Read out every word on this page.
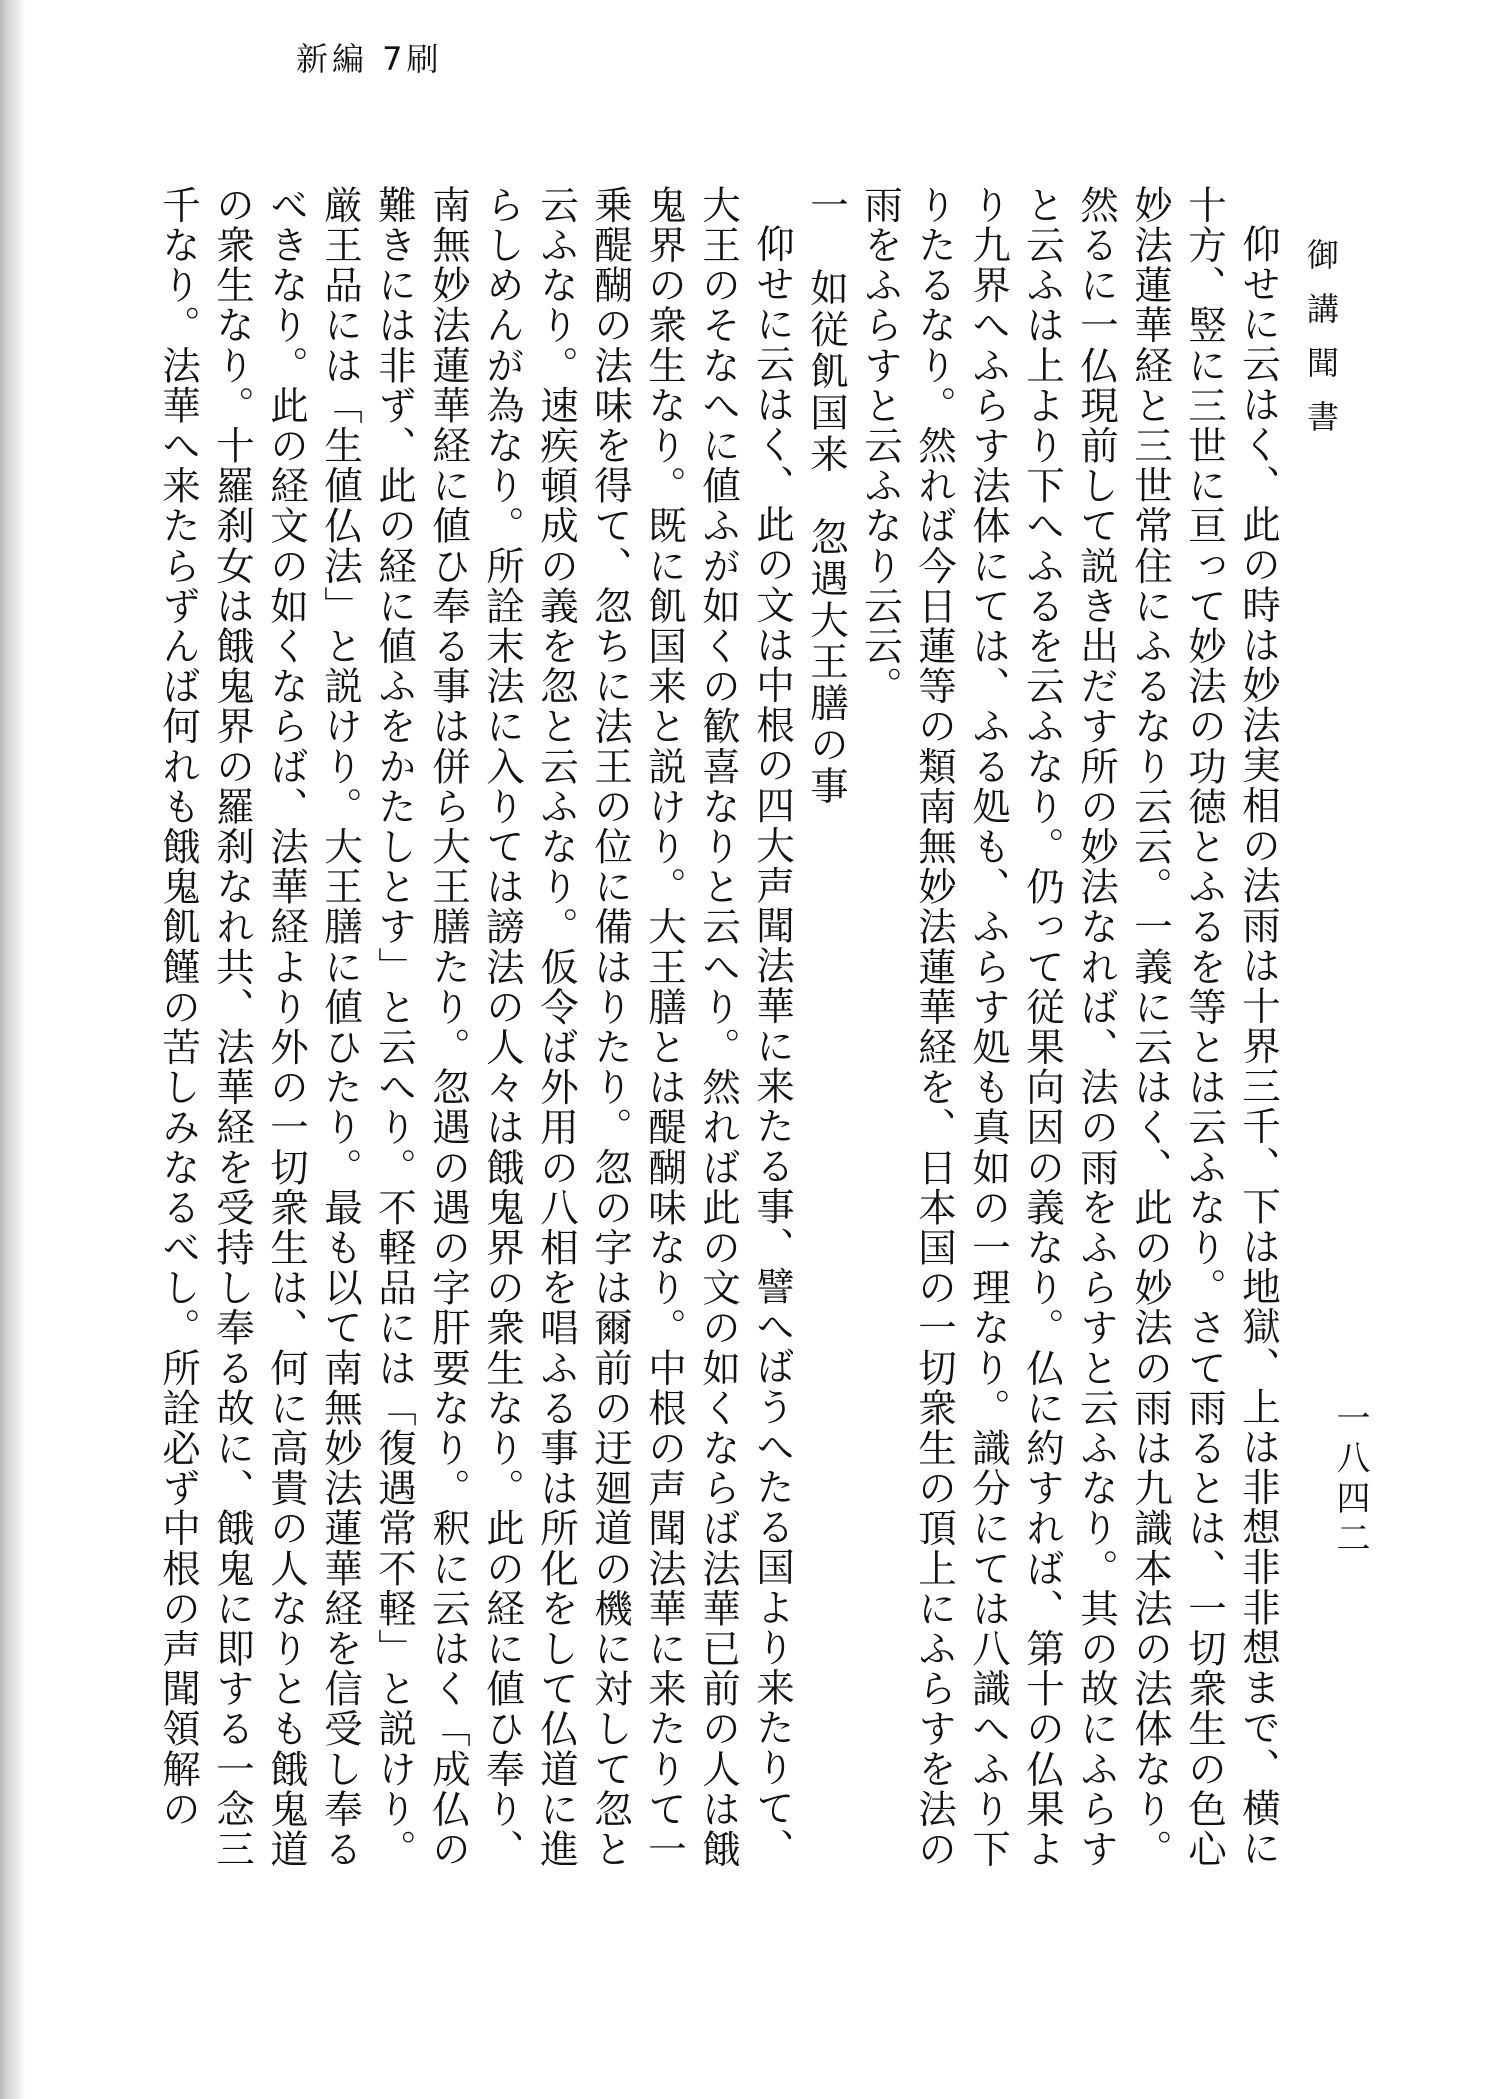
新編 7刷
御講聞書
一八四二

仰せに云はく、此の時は妙法実相の法雨は十界三千、下は地獄、上は非想非非想まで、横に十方、竪に三世に亘って妙法の功徳とふるを等とは云ふなり。さて雨るとは、一切衆生の色心妙法蓮華経と三世常住にふるなり云云。一義に云はく、此の妙法の雨は九識本法の法体なり。然るに一仏現前して説き出だす所の妙法なれば、法の雨をふらすと云ふなり。其の故にふらすと云ふは上より下へふるを云ふなり。仍って従果向因の義なり。仏に約すれば、第十の仏果より九界へふらす法体にては、ふる処も、ふらす処も真如の一理なり。識分にては八識へふり下りたるなり。然れば今日蓮等の類南無妙法蓮華経を、日本国の一切衆生の頂上にふらすを法の雨をふらすと云ふなり云云。

一　如従飢国来　忽遇大王膳の事

仰せに云はく、此の文は中根の四大声聞法華に来たる事、譬へばうへたる国より来たりて、大王のそなへに値ふが如くの歓喜なりと云へり。然れば此の文の如くならば法華已前の人は餓鬼界の衆生なり。既に飢国来と説けり。大王膳とは醍醐味なり。中根の声聞法華に来たりて一乗醍醐の法味を得て、忽ちに法王の位に備はりたり。忽の字は爾前の迂廻道の機に対して忽と云ふなり。速疾頓成の義を忽と云ふなり。仮令ば外用の八相を唱ふる事は所化をして仏道に進らしめんが為なり。所詮末法に入りては謗法の人々は餓鬼界の衆生なり。此の経に値ひ奉り、南無妙法蓮華経に値ひ奉る事は併ら大王膳たり。忽遇の遇の字肝要なり。釈に云はく「成仏の難きには非ず、此の経に値ふをかたしとす」と云へり。不軽品には「復遇常不軽」と説けり。厳王品には「生値仏法」と説けり。大王膳に値ひたり。最も以て南無妙法蓮華経を信受し奉るべきなり。此の経文の如くならば、法華経より外の一切衆生は、何に高貴の人なりとも餓鬼道の衆生なり。十羅刹女は餓鬼界の羅刹なれ共、法華経を受持し奉る故に、餓鬼に即する一念三千なり。法華へ来たらずんば何れも餓鬼飢饉の苦しみなるべし。所詮必ず中根の声聞領解の
